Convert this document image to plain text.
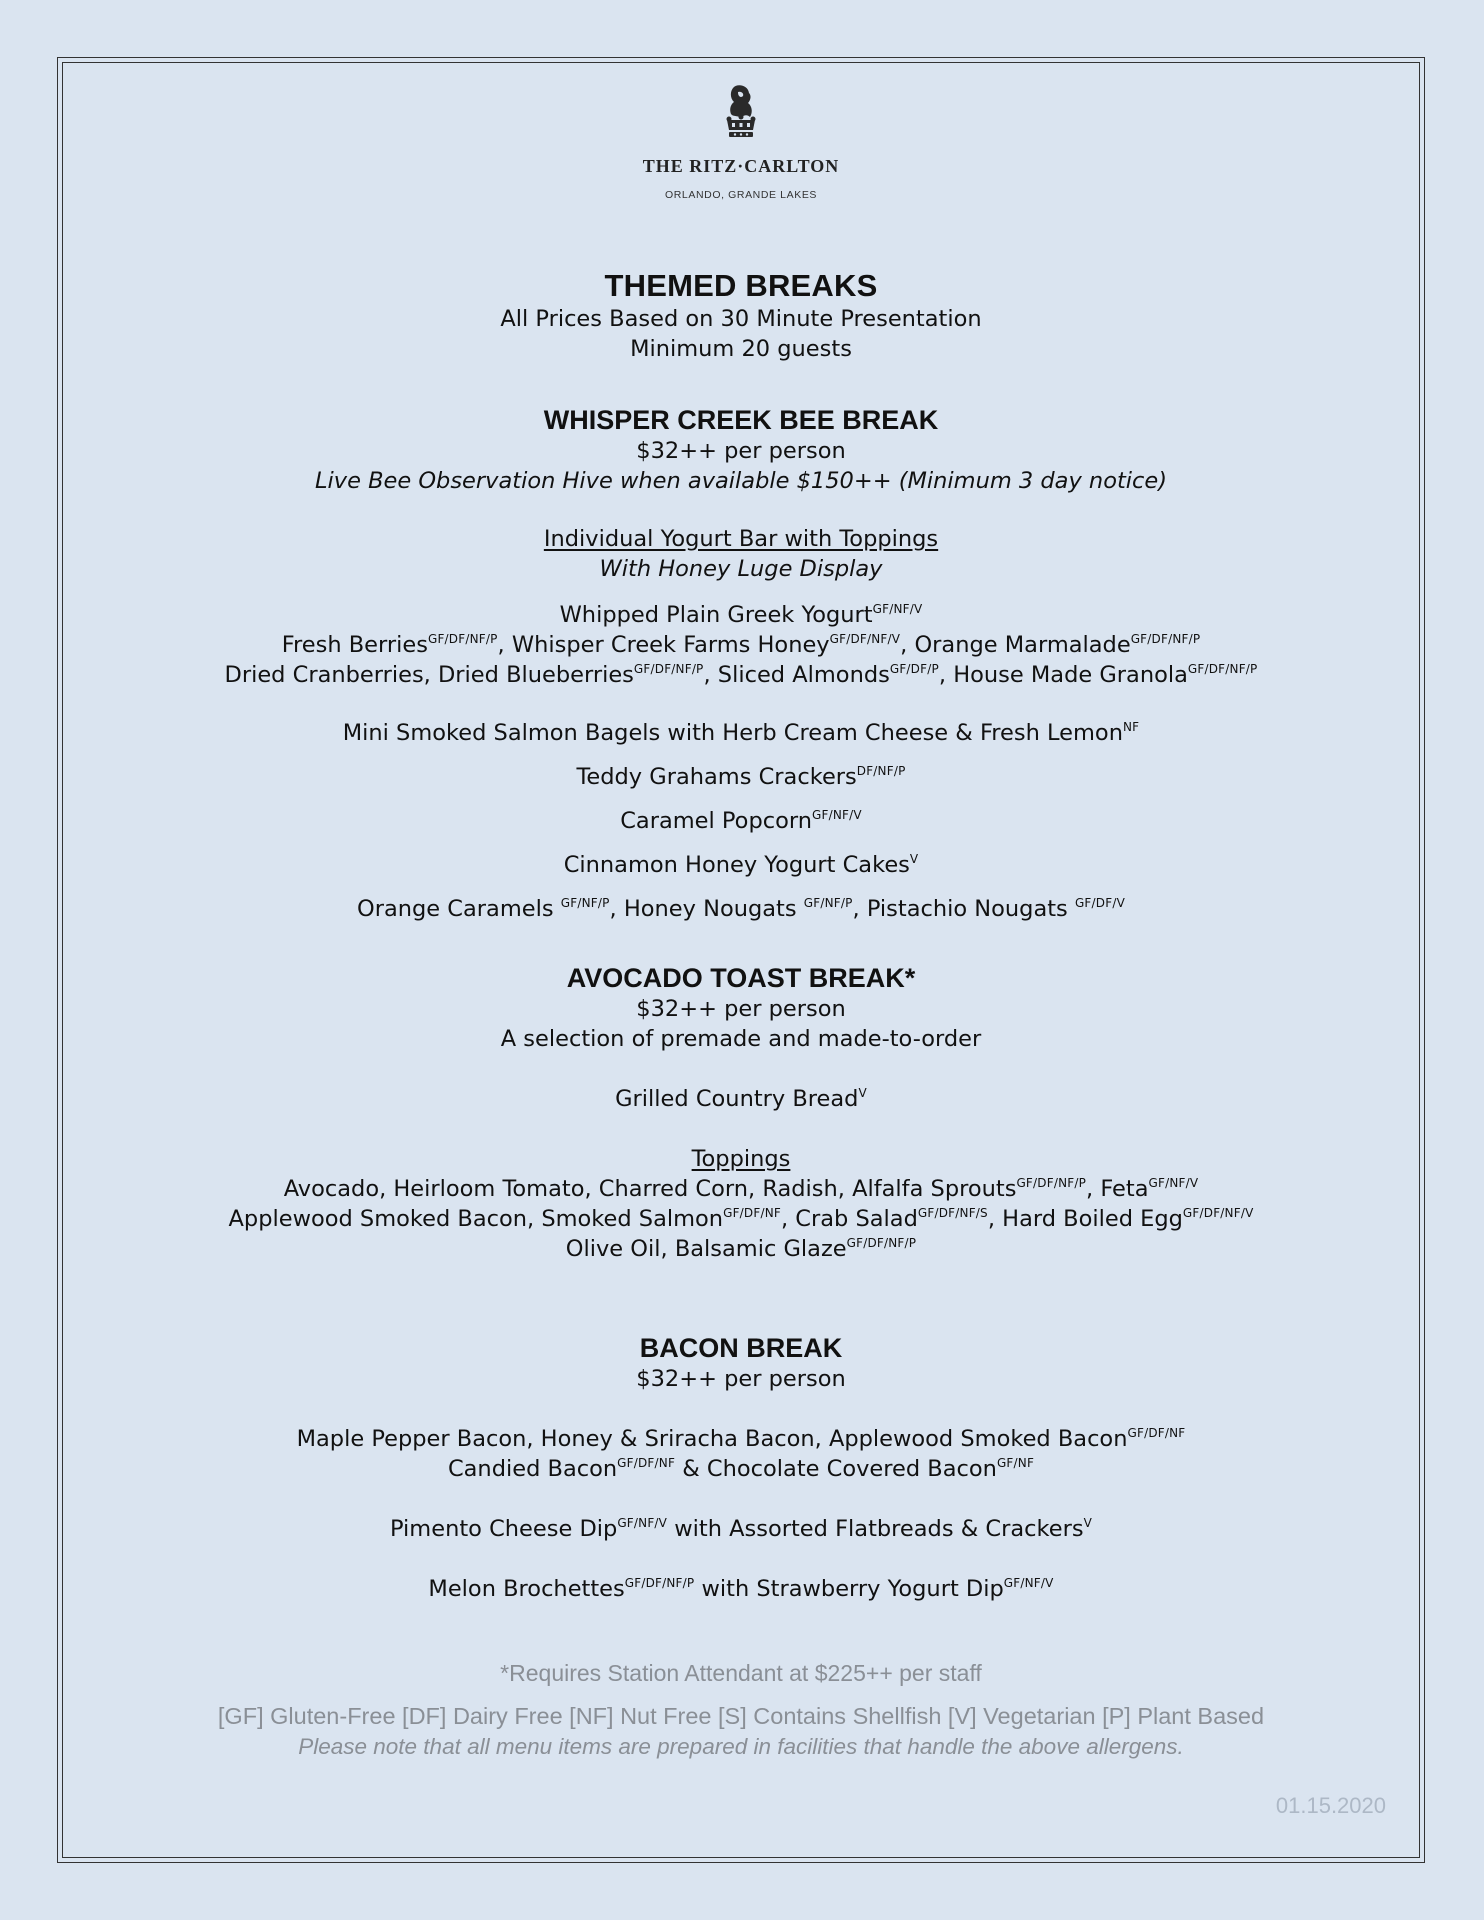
THE RITZ·CARLTON
ORLANDO, GRANDE LAKES
THEMED BREAKS

All Prices Based on 30 Minute Presentation

Minimum 20 guests

WHISPER CREEK BEE BREAK

$32++ per person

Live Bee Observation Hive when available $150++ (Minimum 3 day notice)

Individual Yogurt Bar with Toppings

With Honey Luge Display

Whipped Plain Greek Yogurt$^{GF/NF/V}$

Fresh Berries$^{GF/DF/NF/P}$, Whisper Creek Farms Honey$^{GF/DF/NF/V}$, Orange Marmalade$^{GF/DF/NF/P}$

Dried Cranberries, Dried Blueberries$^{GF/DF/NF/P}$, Sliced Almonds$^{GF/DF/P}$, House Made Granola$^{GF/DF/NF/P}$

Mini Smoked Salmon Bagels with Herb Cream Cheese & Fresh Lemon$^{NF}$

Teddy Grahams Crackers$^{DF/NF/P}$

Caramel Popcorn$^{GF/NF/V}$

Cinnamon Honey Yogurt Cakes$^V$

Orange Caramels $^{GF/NF/P}$, Honey Nougats $^{GF/NF/P}$, Pistachio Nougats $^{GF/DF/V}$

AVOCADO TOAST BREAK*

$32++ per person

A selection of premade and made-to-order

Grilled Country Bread$^V$

Toppings

Avocado, Heirloom Tomato, Charred Corn, Radish, Alfalfa Sprouts$^{GF/DF/NF/P}$, Feta$^{GF/NF/V}$

Applewood Smoked Bacon, Smoked Salmon$^{GF/DF/NF}$, Crab Salad$^{GF/DF/NF/S}$, Hard Boiled Egg$^{GF/DF/NF/V}$

Olive Oil, Balsamic Glaze$^{GF/DF/NF/P}$

BACON BREAK

$32++ per person

Maple Pepper Bacon, Honey & Sriracha Bacon, Applewood Smoked Bacon$^{GF/DF/NF}$

Candied Bacon$^{GF/DF/NF}$ & Chocolate Covered Bacon$^{GF/NF}$

Pimento Cheese Dip$^{GF/NF/V}$ with Assorted Flatbreads & Crackers$^V$

Melon Brochettes$^{GF/DF/NF/P}$ with Strawberry Yogurt Dip$^{GF/NF/V}$

*Requires Station Attendant at $225++ per staff

[GF] Gluten-Free [DF] Dairy Free [NF] Nut Free [S] Contains Shellfish [V] Vegetarian [P] Plant Based

Please note that all menu items are prepared in facilities that handle the above allergens.

01.15.2020
